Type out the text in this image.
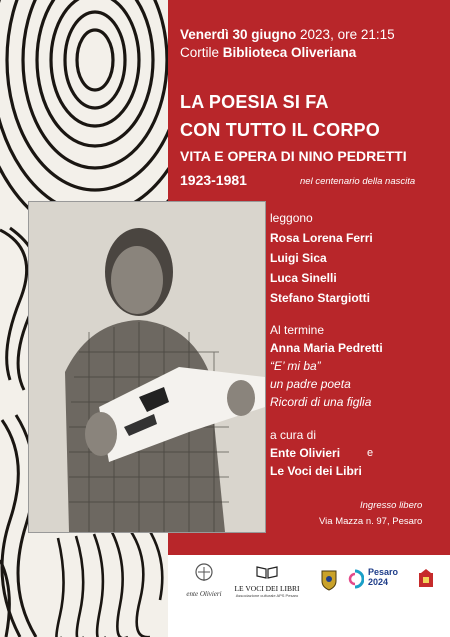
Venerdì 30 giugno 2023, ore 21:15
Cortile Biblioteca Oliveriana
LA POESIA SI FA
CON TUTTO IL CORPO
VITA E OPERA DI NINO PEDRETTI
1923-1981	nel centenario della nascita
leggono
Rosa Lorena Ferri
Luigi Sica
Luca Sinelli
Stefano Stargiotti
Al termine
Anna Maria Pedretti
“E’ mi ba”
un padre poeta
Ricordi di una figlia
a cura di
Ente Olivieri e
Le Voci dei Libri
Ingresso libero
Via Mazza n. 97, Pesaro
ente Olivieri
LE VOCI DEI LIBRI
Associazione culturale APS Pesaro
Pesaro
2024
